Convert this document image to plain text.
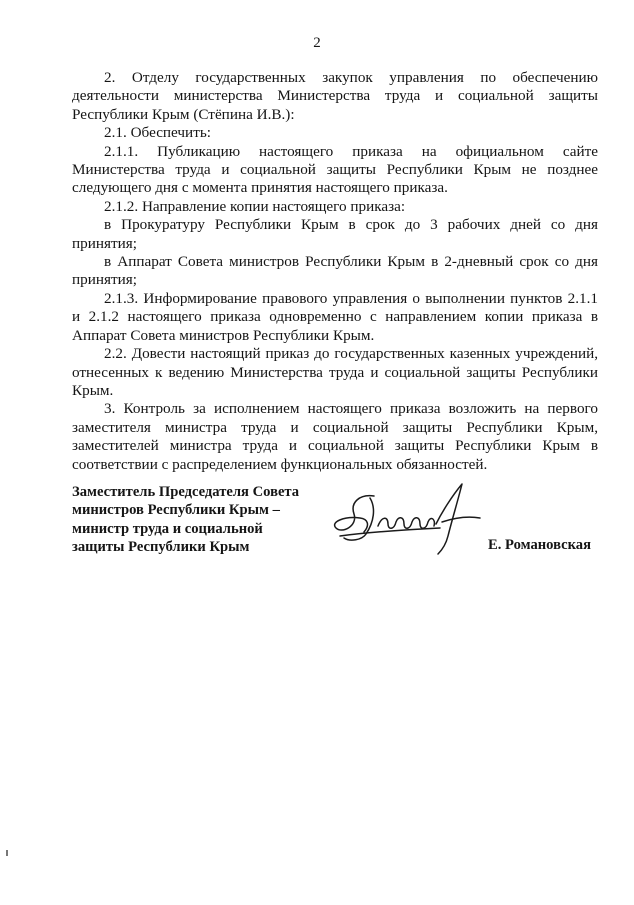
2

2. Отделу государственных закупок управления по обеспечению деятельности министерства Министерства труда и социальной защиты Республики Крым (Стёпина И.В.):

2.1. Обеспечить:

2.1.1. Публикацию настоящего приказа на официальном сайте Министерства труда и социальной защиты Республики Крым не позднее следующего дня с момента принятия настоящего приказа.

2.1.2. Направление копии настоящего приказа:

в Прокуратуру Республики Крым в срок до 3 рабочих дней со дня принятия;

в Аппарат Совета министров Республики Крым в 2-дневный срок со дня принятия;

2.1.3. Информирование правового управления о выполнении пунктов 2.1.1 и 2.1.2 настоящего приказа одновременно с направлением копии приказа в Аппарат Совета министров Республики Крым.

2.2. Довести настоящий приказ до государственных казенных учреждений, отнесенных к ведению Министерства труда и социальной защиты Республики Крым.

3. Контроль за исполнением настоящего приказа возложить на первого заместителя министра труда и социальной защиты Республики Крым, заместителей министра труда и социальной защиты Республики Крым в соответствии с распределением функциональных обязанностей.

Заместитель Председателя Совета
министров Республики Крым –
министр труда и социальной
защиты Республики Крым	Е. Романовская
